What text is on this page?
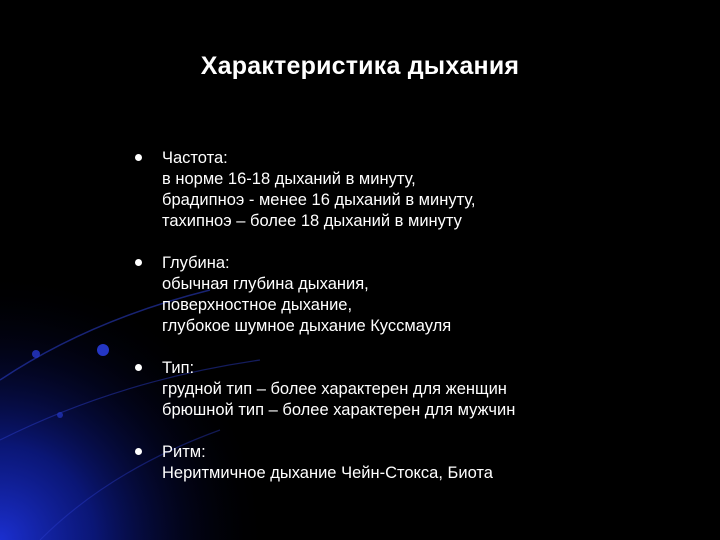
Характеристика дыхания
Частота:
в норме 16-18 дыханий в минуту,
брадипноэ - менее 16 дыханий в минуту,
тахипноэ – более 18 дыханий в минуту
Глубина:
обычная глубина дыхания,
поверхностное дыхание,
глубокое шумное дыхание Куссмауля
Тип:
грудной тип – более характерен для женщин
брюшной тип – более характерен для мужчин
Ритм:
Неритмичное дыхание Чейн-Стокса, Биота
